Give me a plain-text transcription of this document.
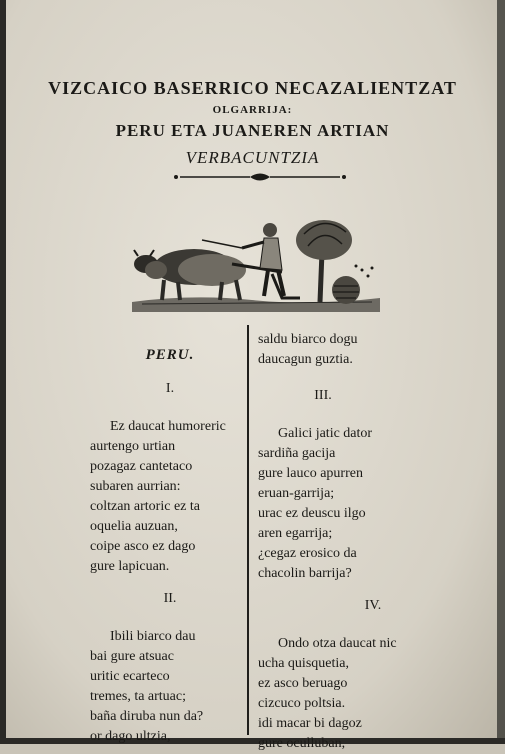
VIZCAICO BASERRICO NECAZALIENTZAT
OLGARRIJA:
PERU ETA JUANEREN ARTIAN
VERBACUNTZIA
PERU.
I.
Ez daucat humoreric
aurtengo urtian
pozagaz cantetaco
subaren aurrian:
coltzan artoric ez ta
oquelia auzuan,
coipe asco ez dago
gure lapicuan.
II.
Ibili biarco dau
bai gure atsuac
uritic ecarteco
tremes, ta artuac;
baña diruba nun da?
or dago ultzia,
saldu biarco dogu
daucagun guztia.
III.
Galici jatic dator
sardiña gacija
gure lauco apurren
eruan-garrija;
urac ez deuscu ilgo
aren egarrija;
¿cegaz erosico da
chacolin barrija?
IV.
Ondo otza daucat nic
ucha quisquetia,
ez asco beruago
cizcuco poltsia.
idi macar bi dagoz
gure oculluban,
